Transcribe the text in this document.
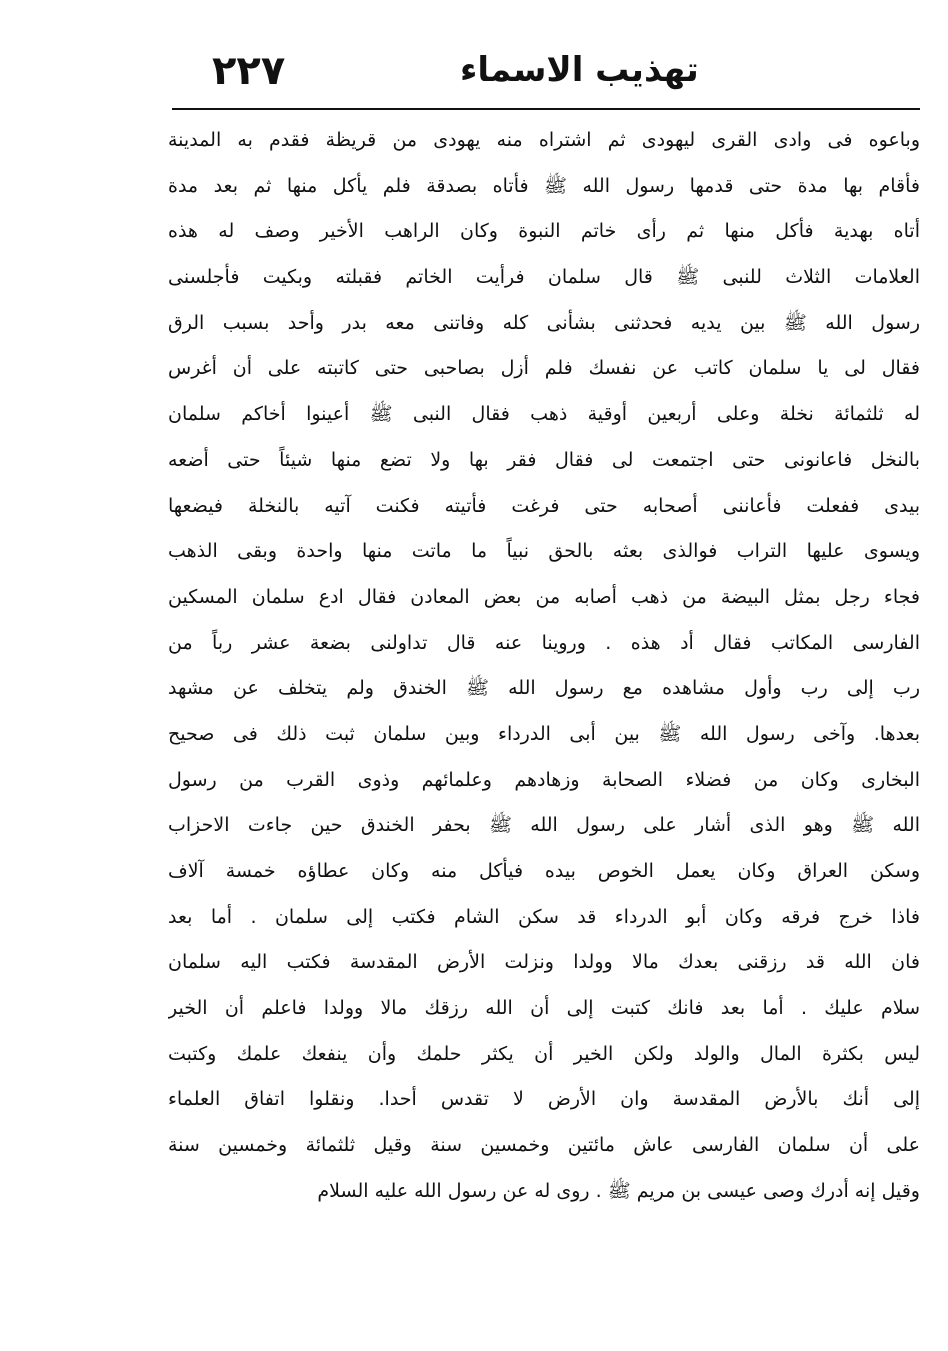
٢٢٧	تهذيب الاسماء
وباعوه فى وادى القرى ليهودى ثم اشتراه منه يهودى من قريظة فقدم به المدينة
فأقام بها مدة حتى قدمها رسول الله ﷺ فأتاه بصدقة فلم يأكل منها ثم بعد مدة
أتاه بهدية فأكل منها ثم رأى خاتم النبوة وكان الراهب الأخير وصف له هذه
العلامات الثلاث للنبى ﷺ قال سلمان فرأيت الخاتم فقبلته وبكيت فأجلسنى
رسول الله ﷺ بين يديه فحدثنى بشأنى كله وفاتنى معه بدر وأحد بسبب الرق
فقال لى يا سلمان كاتب عن نفسك فلم أزل بصاحبى حتى كاتبته على أن أغرس
له ثلثمائة نخلة وعلى أربعين أوقية ذهب فقال النبى ﷺ أعينوا أخاكم سلمان
بالنخل فاعانونى حتى اجتمعت لى فقال فقر بها ولا تضع منها شيئاً حتى أضعه
بيدى ففعلت فأعاننى أصحابه حتى فرغت فأتيته فكنت آتيه بالنخلة فيضعها
ويسوى عليها التراب فوالذى بعثه بالحق نبياً ما ماتت منها واحدة وبقى الذهب
فجاء رجل بمثل البيضة من ذهب أصابه من بعض المعادن فقال ادع سلمان المسكين
الفارسى المكاتب فقال أد هذه . وروينا عنه قال تداولنى بضعة عشر رباً من
رب إلى رب وأول مشاهده مع رسول الله ﷺ الخندق ولم يتخلف عن مشهد
بعدها. وآخى رسول الله ﷺ بين أبى الدرداء وبين سلمان ثبت ذلك فى صحيح
البخارى وكان من فضلاء الصحابة وزهادهم وعلمائهم وذوى القرب من رسول
الله ﷺ وهو الذى أشار على رسول الله ﷺ بحفر الخندق حين جاءت الاحزاب
وسكن العراق وكان يعمل الخوص بيده فيأكل منه وكان عطاؤه خمسة آلاف
فاذا خرج فرقه وكان أبو الدرداء قد سكن الشام فكتب إلى سلمان . أما بعد
فان الله قد رزقنى بعدك مالا وولدا ونزلت الأرض المقدسة فكتب اليه سلمان
سلام عليك . أما بعد فانك كتبت إلى أن الله رزقك مالا وولدا فاعلم أن الخير
ليس بكثرة المال والولد ولكن الخير أن يكثر حلمك وأن ينفعك علمك وكتبت
إلى أنك بالأرض المقدسة وان الأرض لا تقدس أحدا. ونقلوا اتفاق العلماء
على أن سلمان الفارسى عاش مائتين وخمسين سنة وقيل ثلثمائة وخمسين سنة
وقيل إنه أدرك وصى عيسى بن مريم ﷺ . روى له عن رسول الله عليه السلام
